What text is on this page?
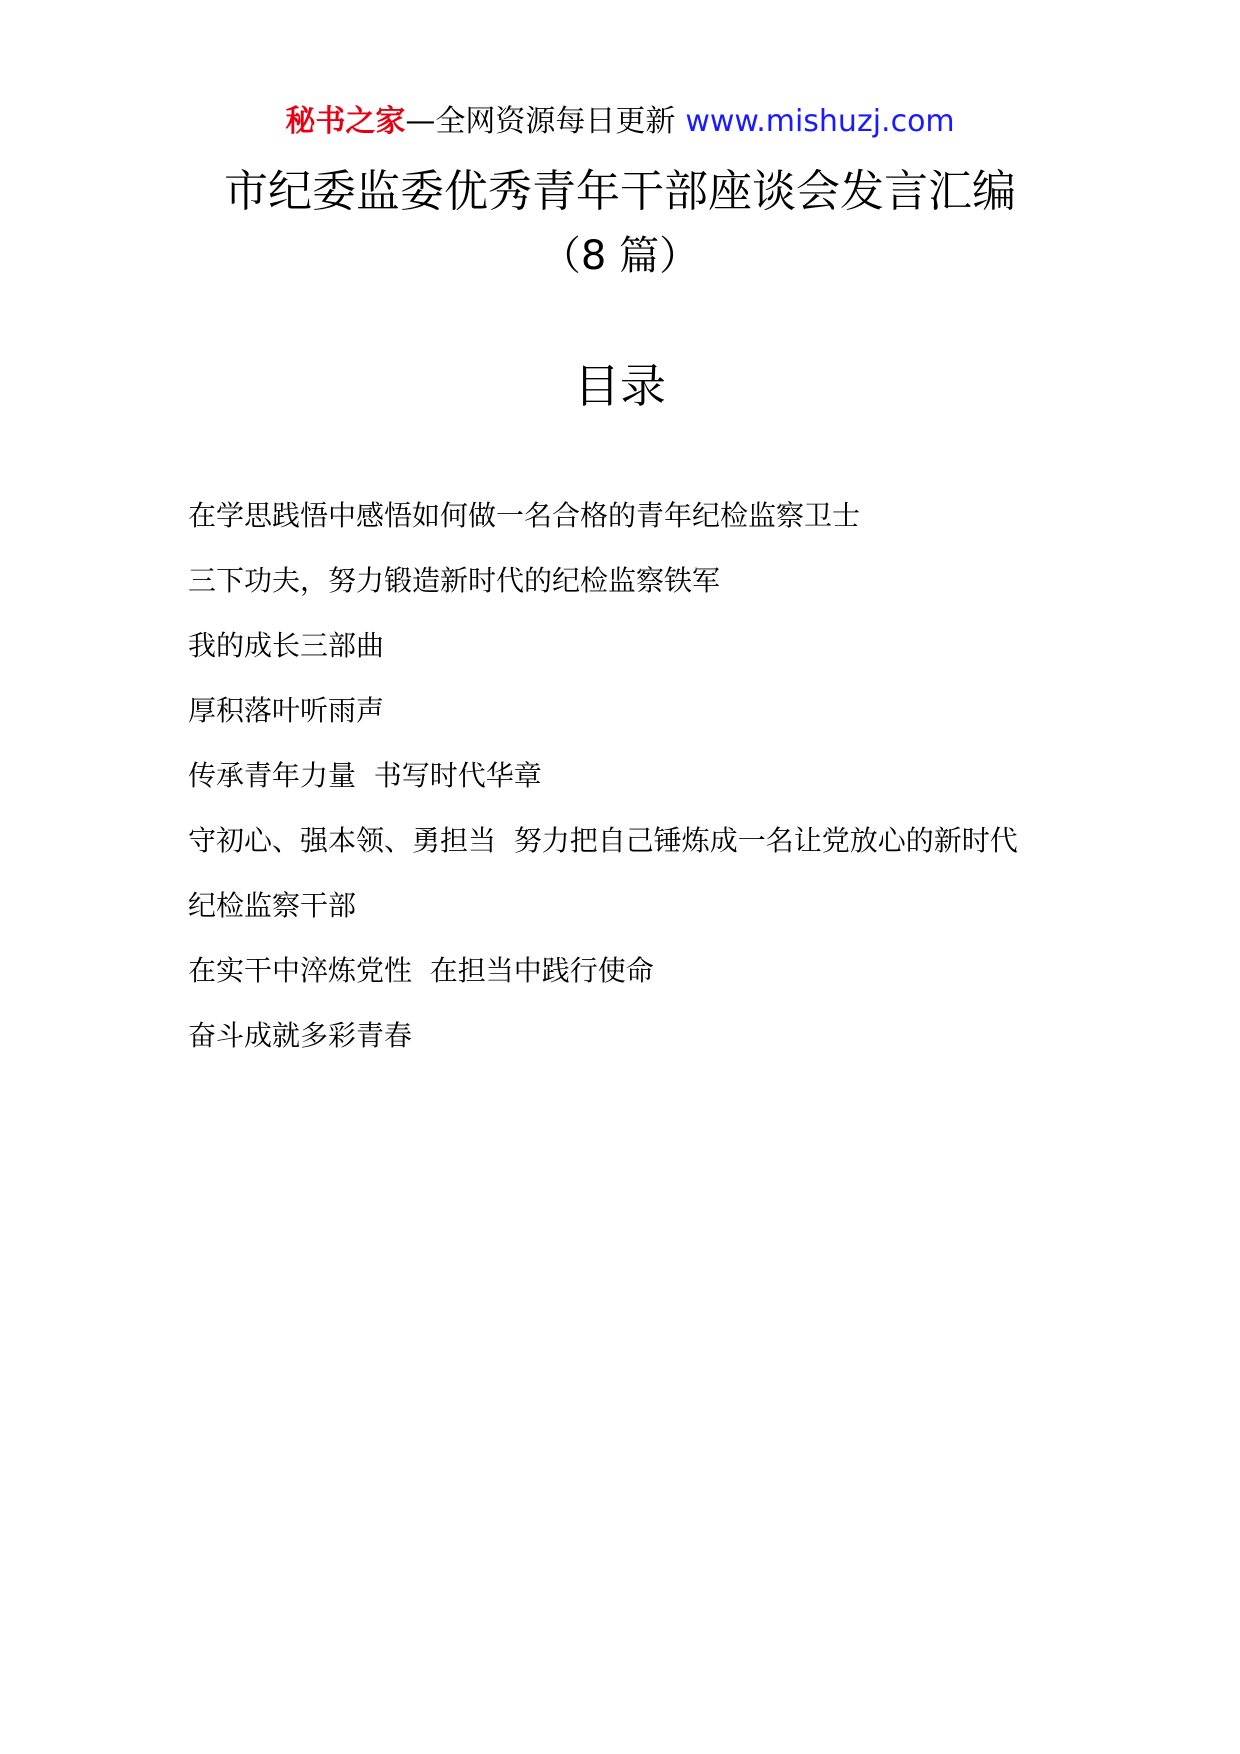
秘书之家—全网资源每日更新 www.mishuzj.com
市纪委监委优秀青年干部座谈会发言汇编
（8 篇）
目录
在学思践悟中感悟如何做一名合格的青年纪检监察卫士
三下功夫，努力锻造新时代的纪检监察铁军
我的成长三部曲
厚积落叶听雨声
传承青年力量  书写时代华章
守初心、强本领、勇担当  努力把自己锤炼成一名让党放心的新时代
纪检监察干部
在实干中淬炼党性  在担当中践行使命
奋斗成就多彩青春
